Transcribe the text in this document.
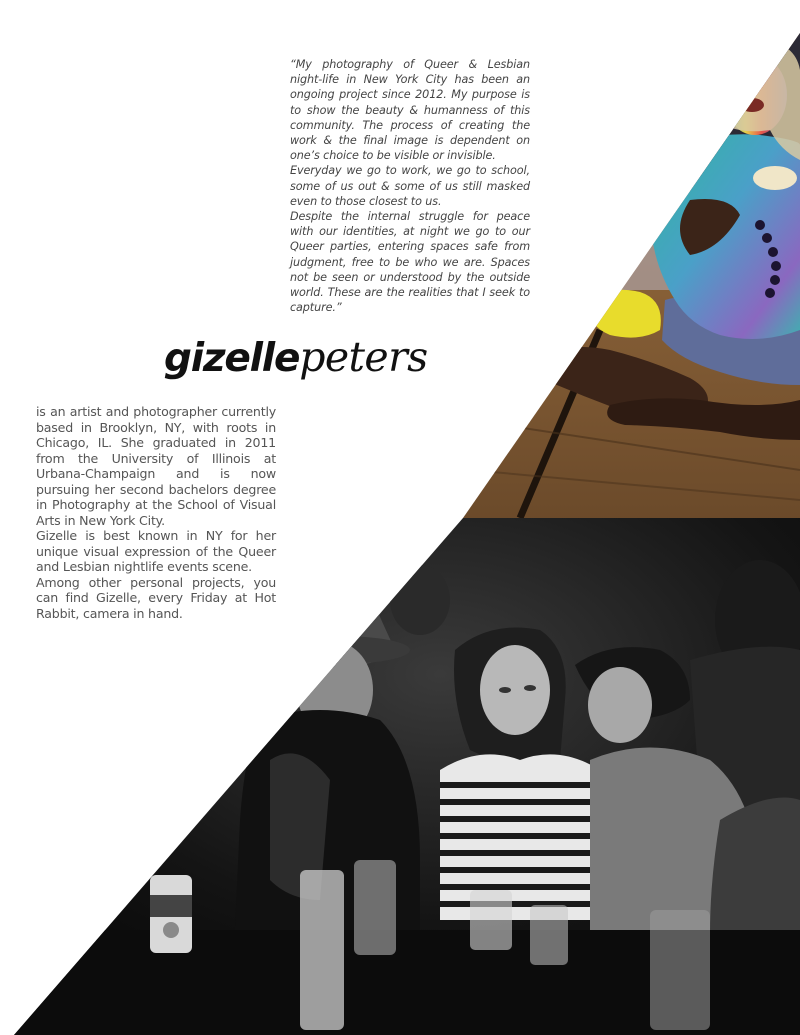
“My photography of Queer & Lesbian night-life in New York City has been an ongoing project since 2012. My purpose is to show the beauty & humanness of this community. The process of creating the work & the final image is dependent on one’s choice to be visible or invisible.

Everyday we go to work, we go to school, some of us out & some of us still masked even to those closest to us.

Despite the internal struggle for peace with our identities, at night we go to our Queer parties, entering spaces safe from judgment, free to be who we are. Spaces not be seen or understood by the outside world. These are the realities that I seek to capture.”

gizellepeters

is an artist and photographer currently based in Brooklyn, NY, with roots in Chicago, IL. She graduated in 2011 from the University of Illinois at Urbana-Champaign and is now pursuing her second bachelors degree in Photography at the School of Visual Arts in New York City.

Gizelle is best known in NY for her unique visual expression of the Queer and Lesbian nightlife events scene.

Among other personal projects, you can find Gizelle, every Friday at Hot Rabbit, camera in hand.
